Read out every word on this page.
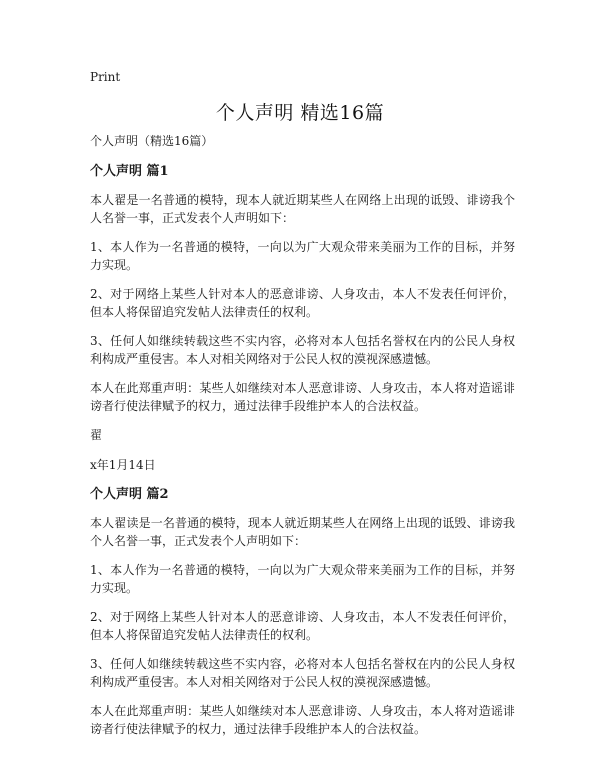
Print
个人声明 精选16篇
个人声明（精选16篇）
个人声明 篇1

本人翟是一名普通的模特，现本人就近期某些人在网络上出现的诋毁、诽谤我个人名誉一事，正式发表个人声明如下：

1、本人作为一名普通的模特，一向以为广大观众带来美丽为工作的目标，并努力实现。

2、对于网络上某些人针对本人的恶意诽谤、人身攻击，本人不发表任何评价，但本人将保留追究发帖人法律责任的权利。

3、任何人如继续转载这些不实内容，必将对本人包括名誉权在内的公民人身权利构成严重侵害。本人对相关网络对于公民人权的漠视深感遗憾。

本人在此郑重声明：某些人如继续对本人恶意诽谤、人身攻击，本人将对造谣诽谤者行使法律赋予的权力，通过法律手段维护本人的合法权益。

翟

x年1月14日

个人声明 篇2

本人翟读是一名普通的模特，现本人就近期某些人在网络上出现的诋毁、诽谤我个人名誉一事，正式发表个人声明如下：

1、本人作为一名普通的模特，一向以为广大观众带来美丽为工作的目标，并努力实现。

2、对于网络上某些人针对本人的恶意诽谤、人身攻击，本人不发表任何评价，但本人将保留追究发帖人法律责任的权利。

3、任何人如继续转载这些不实内容，必将对本人包括名誉权在内的公民人身权利构成严重侵害。本人对相关网络对于公民人权的漠视深感遗憾。

本人在此郑重声明：某些人如继续对本人恶意诽谤、人身攻击，本人将对造谣诽谤者行使法律赋予的权力，通过法律手段维护本人的合法权益。
